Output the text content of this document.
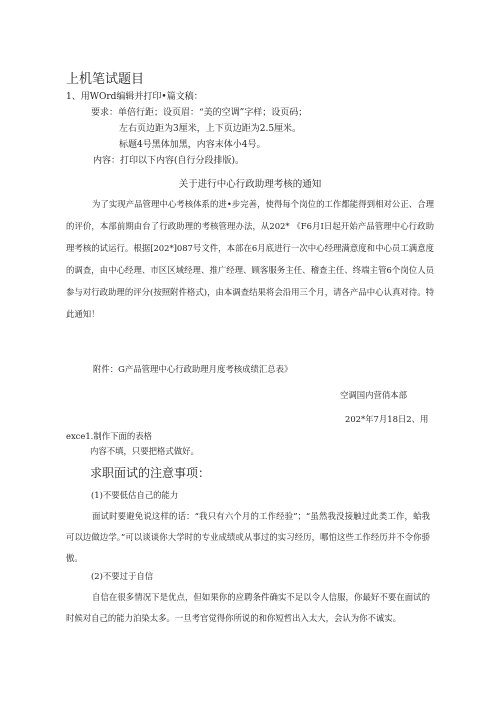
上机笔试题目
1、用WOrd编辑并打印•篇文稿：
要求：单倍行距；设页眉：“美的空调”字样；设页码；
左右页边距为3厘米，上下页边距为2.5厘米。
标题4号黑体加黑，内容末体小4号。
内容：打印以下内容(自行分段排版)。
关于进行中心行政助理考核的通知
为了实现产品管理中心考核体系的进•步完善，使得每个岗位的工作都能得到相对公正、合理的评价，本部前期由台了行政助理的考核管理办法，从202* 《F6月I日起开始产品管理中心行政助理考核的试运行。根据[202*]087号文件，本部在6月底进行一次中心经理满意度和中心员工满意度的调查，由中心经理、市区区域经理、推广经理、顾客服务主任、稽查主任、终端主管6个岗位人员参与对行政助理的评分(按照附件格式)，由本调查结果将会沿用三个月，请各产品中心认真对待。特此通知！
附件：G产品管理中心行政助理月度考核成绩汇总表》
空调国内营俏本部
202*年7月18日2、用
exce1.制作下面的表格
内容不填，只要把格式做好。
求职面试的注意事项：
(1)不要低估自己的能力
面试时要避免说这样的话：“我只有六个月的工作经验”；“虽然我没接触过此类工作，蛤我可以边做边学。”可以谈谈你大学时的专业成绩或从事过的实习经历，哪怕这些工作经历并不令你骄傲。
(2)不要过于自信
自信在很多情况下是优点，但如果你的应聘条件确实不足以令人信服，你最好不要在面试的时候对自己的能力泊染太多。一旦考官觉得你所说的和你短哲出入太大，会认为你不诚实。
